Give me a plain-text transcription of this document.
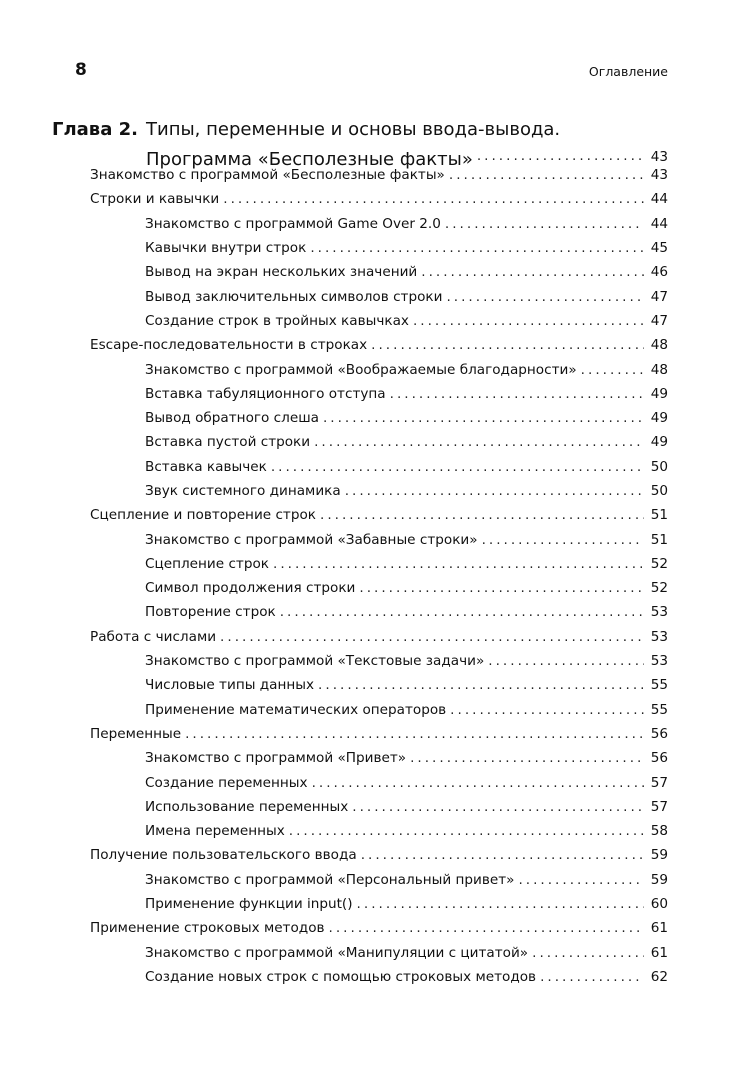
8	Оглавление
Глава 2. Типы, переменные и основы ввода-вывода.
Программа «Бесполезные факты» .....	43
Знакомство с программой «Бесполезные факты» .....	43
Строки и кавычки .....	44
Знакомство с программой Game Over 2.0 .....	44
Кавычки внутри строк .....	45
Вывод на экран нескольких значений .....	46
Вывод заключительных символов строки .....	47
Создание строк в тройных кавычках .....	47
Escape-последовательности в строках .....	48
Знакомство с программой «Воображаемые благодарности» .....	48
Вставка табуляционного отступа .....	49
Вывод обратного слеша .....	49
Вставка пустой строки .....	49
Вставка кавычек .....	50
Звук системного динамика .....	50
Сцепление и повторение строк .....	51
Знакомство с программой «Забавные строки» .....	51
Сцепление строк .....	52
Символ продолжения строки .....	52
Повторение строк .....	53
Работа с числами .....	53
Знакомство с программой «Текстовые задачи» .....	53
Числовые типы данных .....	55
Применение математических операторов .....	55
Переменные .....	56
Знакомство с программой «Привет» .....	56
Создание переменных .....	57
Использование переменных .....	57
Имена переменных .....	58
Получение пользовательского ввода .....	59
Знакомство с программой «Персональный привет» .....	59
Применение функции input() .....	60
Применение строковых методов .....	61
Знакомство с программой «Манипуляции с цитатой» .....	61
Создание новых строк с помощью строковых методов .....	62
